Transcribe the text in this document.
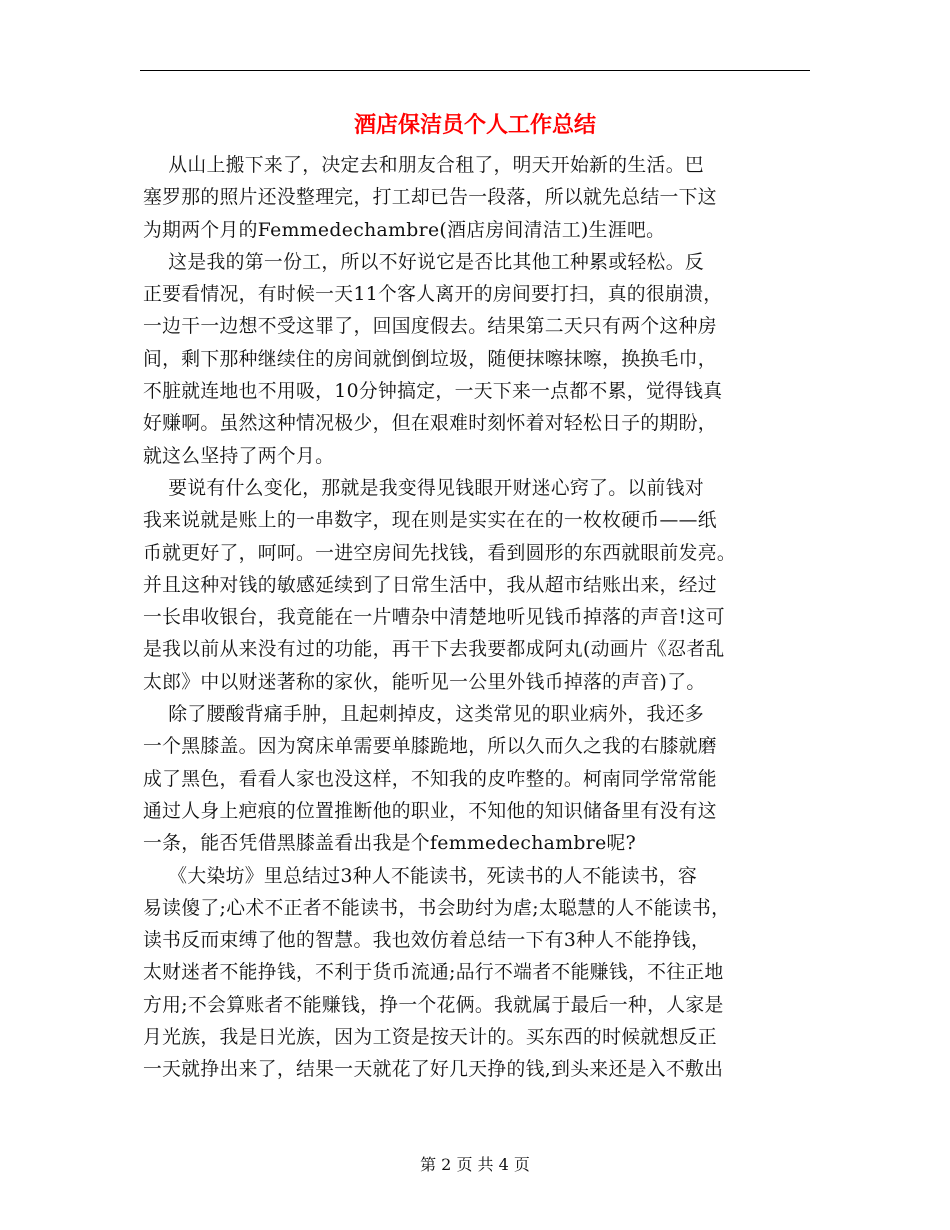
酒店保洁员个人工作总结
从山上搬下来了，决定去和朋友合租了，明天开始新的生活。巴
塞罗那的照片还没整理完，打工却已告一段落，所以就先总结一下这
为期两个月的Femmedechambre(酒店房间清洁工)生涯吧。
这是我的第一份工，所以不好说它是否比其他工种累或轻松。反
正要看情况，有时候一天11个客人离开的房间要打扫，真的很崩溃，
一边干一边想不受这罪了，回国度假去。结果第二天只有两个这种房
间，剩下那种继续住的房间就倒倒垃圾，随便抹嚓抹嚓，换换毛巾，
不脏就连地也不用吸，10分钟搞定，一天下来一点都不累，觉得钱真
好赚啊。虽然这种情况极少，但在艰难时刻怀着对轻松日子的期盼，
就这么坚持了两个月。
要说有什么变化，那就是我变得见钱眼开财迷心窍了。以前钱对
我来说就是账上的一串数字，现在则是实实在在的一枚枚硬币——纸
币就更好了，呵呵。一进空房间先找钱，看到圆形的东西就眼前发亮。
并且这种对钱的敏感延续到了日常生活中，我从超市结账出来，经过
一长串收银台，我竟能在一片嘈杂中清楚地听见钱币掉落的声音!这可
是我以前从来没有过的功能，再干下去我要都成阿丸(动画片《忍者乱
太郎》中以财迷著称的家伙，能听见一公里外钱币掉落的声音)了。
除了腰酸背痛手肿，且起刺掉皮，这类常见的职业病外，我还多
一个黑膝盖。因为窝床单需要单膝跪地，所以久而久之我的右膝就磨
成了黑色，看看人家也没这样，不知我的皮咋整的。柯南同学常常能
通过人身上疤痕的位置推断他的职业，不知他的知识储备里有没有这
一条，能否凭借黑膝盖看出我是个femmedechambre呢?
《大染坊》里总结过3种人不能读书，死读书的人不能读书，容
易读傻了;心术不正者不能读书，书会助纣为虐;太聪慧的人不能读书，
读书反而束缚了他的智慧。我也效仿着总结一下有3种人不能挣钱，
太财迷者不能挣钱，不利于货币流通;品行不端者不能赚钱，不往正地
方用;不会算账者不能赚钱，挣一个花俩。我就属于最后一种，人家是
月光族，我是日光族，因为工资是按天计的。买东西的时候就想反正
一天就挣出来了，结果一天就花了好几天挣的钱,到头来还是入不敷出
第 2 页 共 4 页
